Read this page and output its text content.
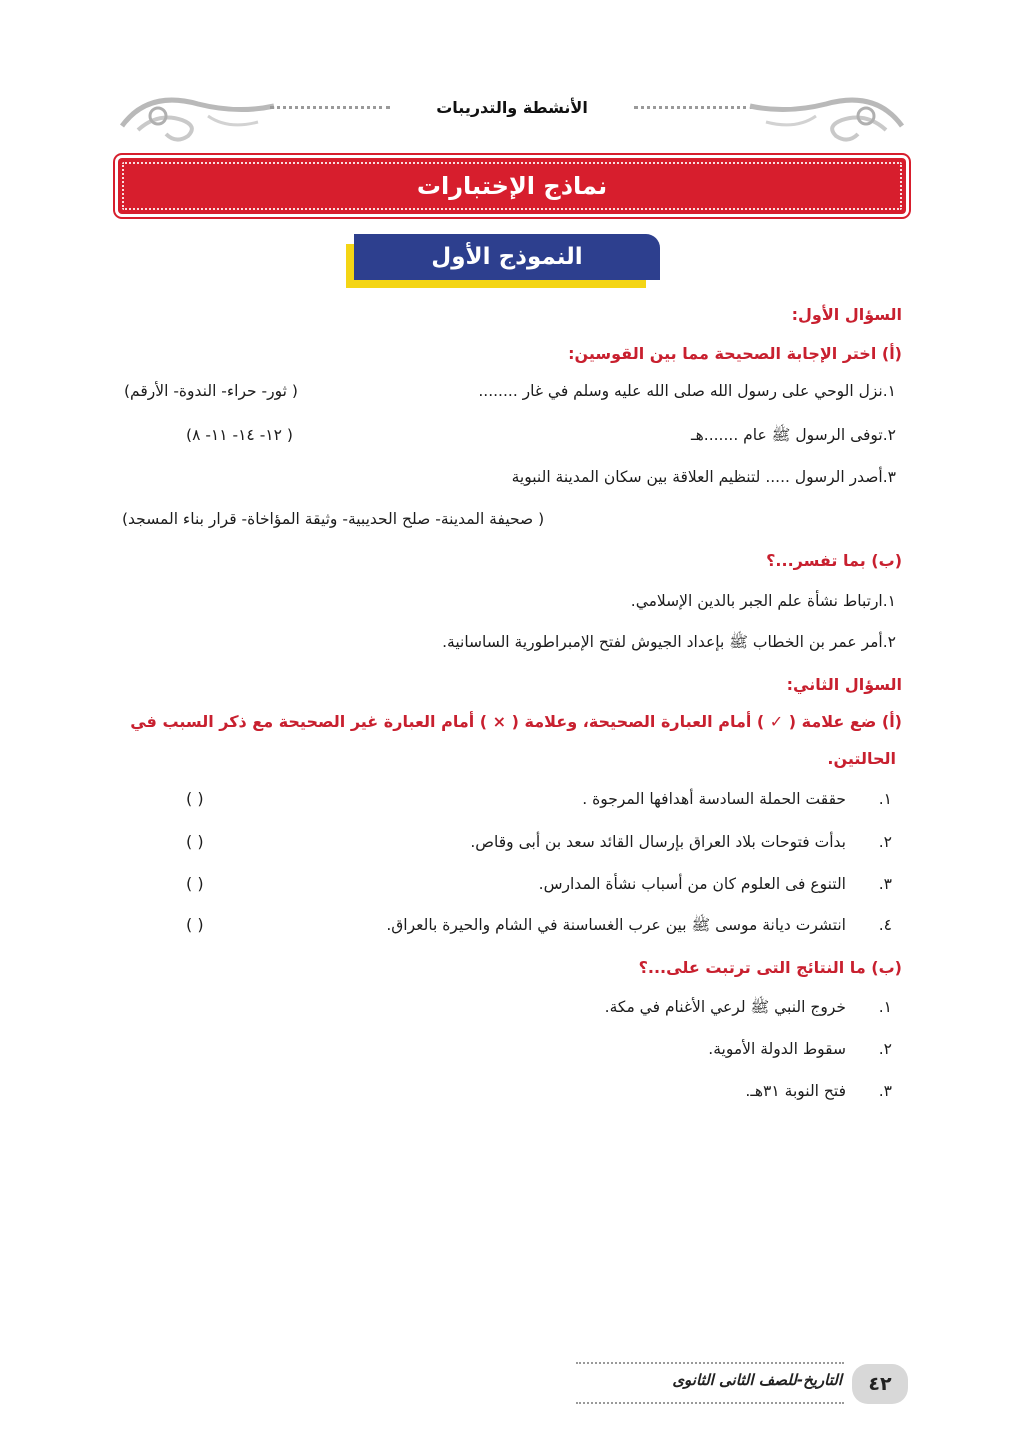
الأنشطة والتدريبات
نماذج الإختبارات
النموذج الأول
السؤال الأول:
(أ) اختر الإجابة الصحيحة مما بين القوسين:
١.نزل الوحي على رسول الله صلى الله عليه وسلم في غار ........
( ثور- حراء- الندوة- الأرقم)
٢.توفى الرسول ﷺ عام .......هـ
( ١٢- ١٤- ١١- ٨)
٣.أصدر الرسول ..... لتنظيم العلاقة بين سكان المدينة النبوية
( صحيفة المدينة- صلح الحديبية- وثيقة المؤاخاة- قرار بناء المسجد)
(ب) بما تفسر...؟
١.ارتباط نشأة علم الجبر بالدين الإسلامي.
٢.أمر عمر بن الخطاب ﷺ بإعداد الجيوش لفتح الإمبراطورية الساسانية.
السؤال الثاني:
(أ) ضع علامة ( ✓ ) أمام العبارة الصحيحة، وعلامة ( × ) أمام العبارة غير الصحيحة مع ذكر السبب في
الحالتين.
١.
حققت الحملة السادسة أهدافها المرجوة .
( )
٢.
بدأت فتوحات بلاد العراق بإرسال القائد سعد بن أبى وقاص.
( )
٣.
التنوع فى العلوم كان من أسباب نشأة المدارس.
( )
٤.
انتشرت ديانة موسى ﷺ بين عرب الغساسنة في الشام والحيرة بالعراق.
( )
(ب) ما النتائج التى ترتبت على...؟
١.
خروج النبي ﷺ لرعي الأغنام في مكة.
٢.
سقوط الدولة الأموية.
٣.
فتح النوبة ٣١هـ.
التاريخ-للصف الثانى الثانوى	٤٢
